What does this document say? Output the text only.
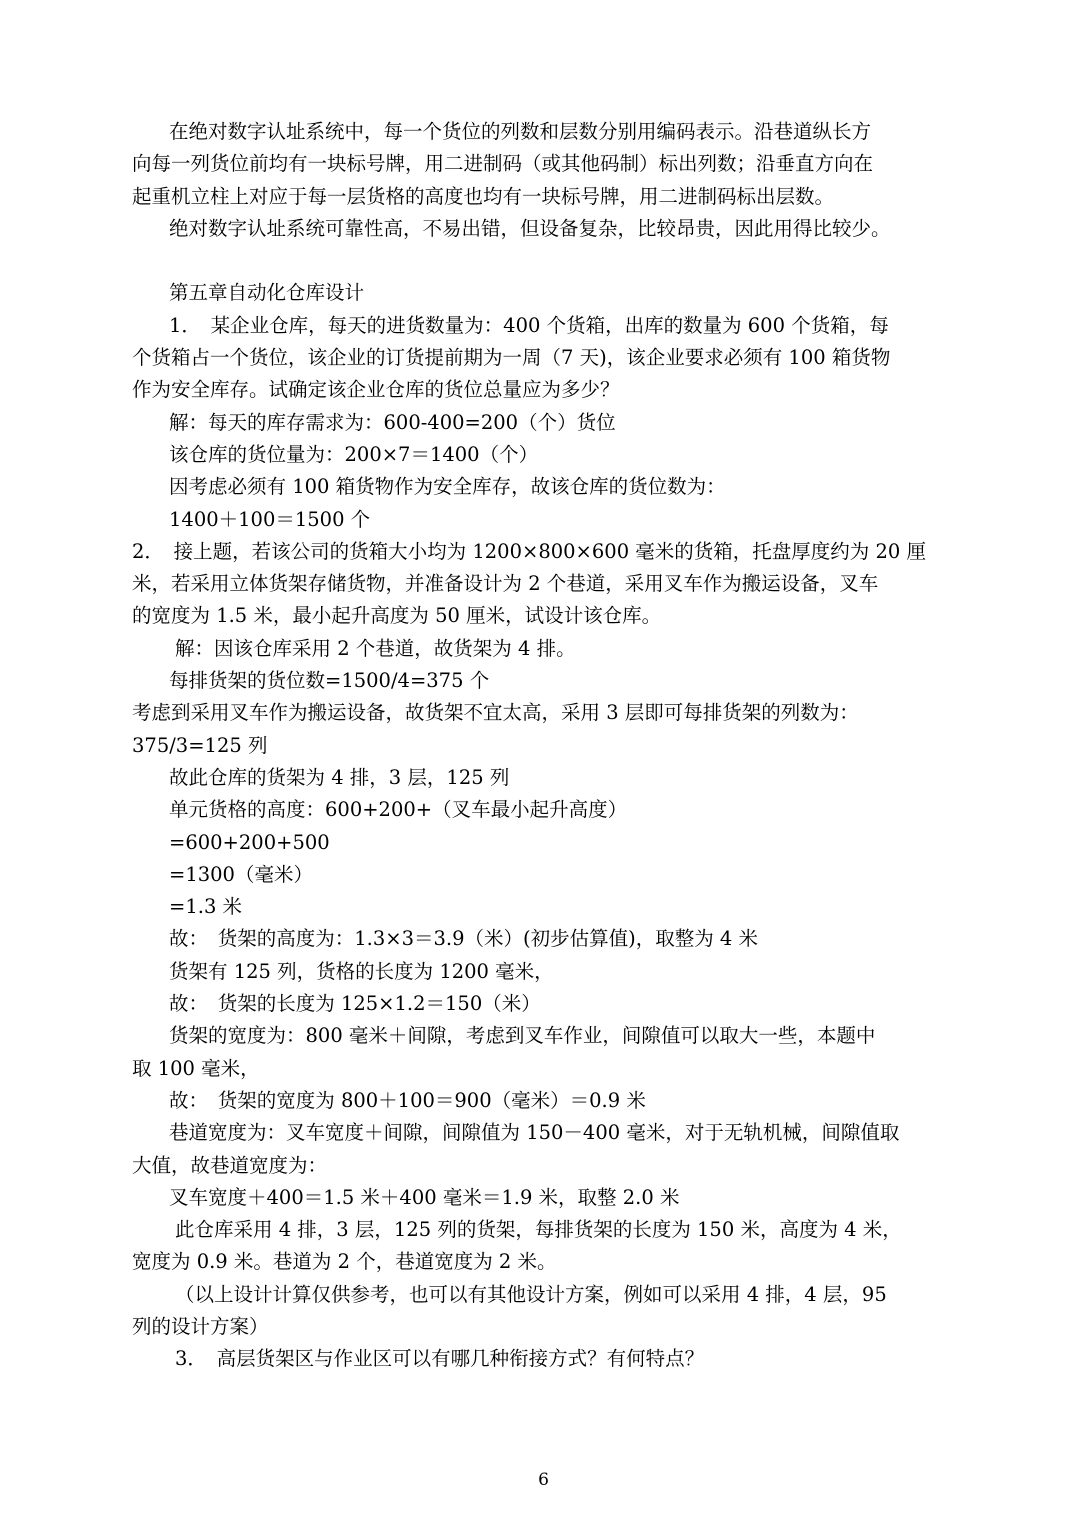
在绝对数字认址系统中，每一个货位的列数和层数分别用编码表示。沿巷道纵长方
向每一列货位前均有一块标号牌，用二进制码（或其他码制）标出列数；沿垂直方向在
起重机立柱上对应于每一层货格的高度也均有一块标号牌，用二进制码标出层数。
绝对数字认址系统可靠性高，不易出错，但设备复杂，比较昂贵，因此用得比较少。
第五章自动化仓库设计
1．　某企业仓库，每天的进货数量为：400 个货箱，出库的数量为 600 个货箱，每
个货箱占一个货位，该企业的订货提前期为一周（7 天)，该企业要求必须有 100 箱货物
作为安全库存。试确定该企业仓库的货位总量应为多少？
解：每天的库存需求为：600-400=200（个）货位
该仓库的货位量为：200×7＝1400（个）
因考虑必须有 100 箱货物作为安全库存，故该仓库的货位数为：
1400＋100＝1500 个
2．　接上题，若该公司的货箱大小均为 1200×800×600 毫米的货箱，托盘厚度约为 20 厘
米，若采用立体货架存储货物，并准备设计为 2 个巷道，采用叉车作为搬运设备，叉车
的宽度为 1.5 米，最小起升高度为 50 厘米，试设计该仓库。
解：因该仓库采用 2 个巷道，故货架为 4 排。
每排货架的货位数=1500/4=375 个
考虑到采用叉车作为搬运设备，故货架不宜太高，采用 3 层即可每排货架的列数为：
375/3=125 列
故此仓库的货架为 4 排，3 层，125 列
单元货格的高度：600+200+（叉车最小起升高度）
=600+200+500
=1300（毫米）
=1.3 米
故：　货架的高度为：1.3×3＝3.9（米）(初步估算值)，取整为 4 米
货架有 125 列，货格的长度为 1200 毫米，
故：　货架的长度为 125×1.2＝150（米）
货架的宽度为：800 毫米＋间隙，考虑到叉车作业，间隙值可以取大一些，本题中
取 100 毫米，
故：　货架的宽度为 800＋100＝900（毫米）＝0.9 米
巷道宽度为：叉车宽度＋间隙，间隙值为 150－400 毫米，对于无轨机械，间隙值取
大值，故巷道宽度为：
叉车宽度＋400＝1.5 米＋400 毫米＝1.9 米，取整 2.0 米
此仓库采用 4 排，3 层，125 列的货架，每排货架的长度为 150 米，高度为 4 米，
宽度为 0.9 米。巷道为 2 个，巷道宽度为 2 米。
（以上设计计算仅供参考，也可以有其他设计方案，例如可以采用 4 排，4 层，95
列的设计方案）
3．　高层货架区与作业区可以有哪几种衔接方式？有何特点？
6
